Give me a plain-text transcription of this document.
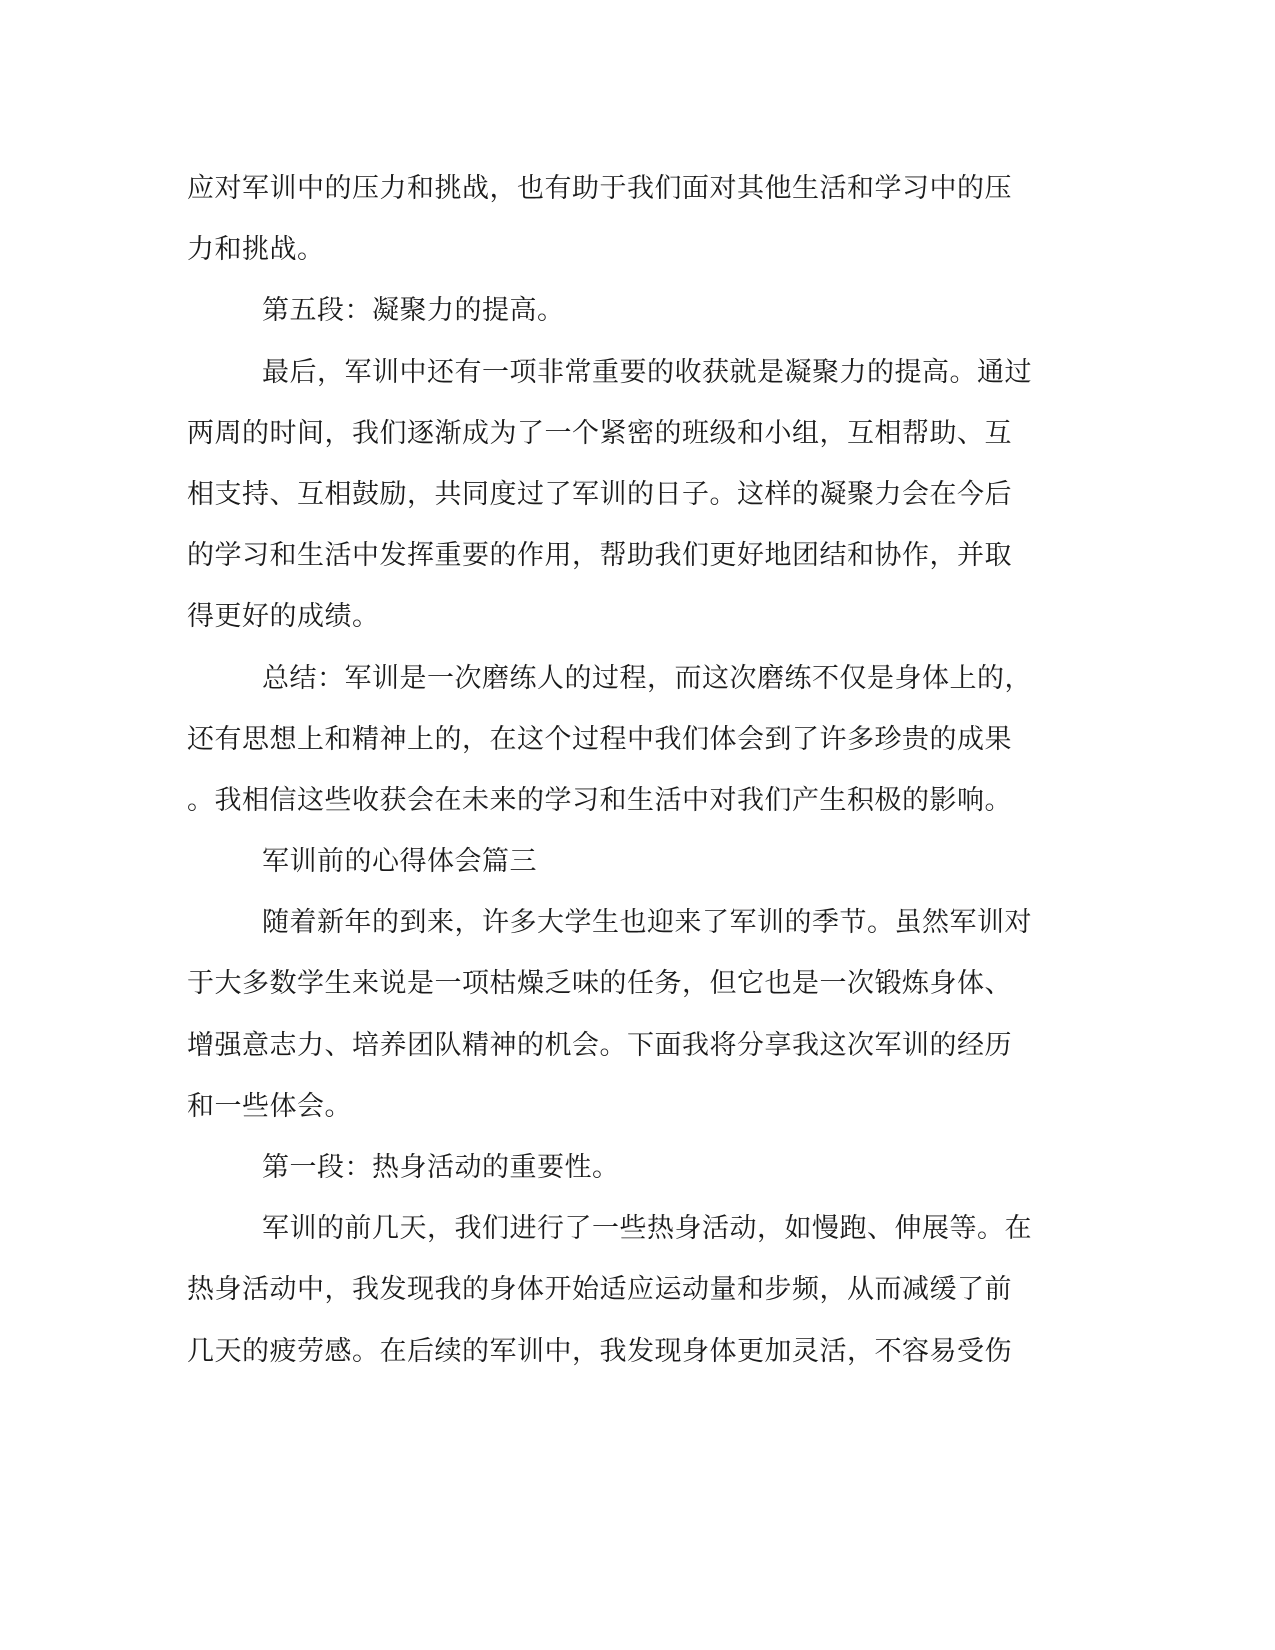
应对军训中的压力和挑战，也有助于我们面对其他生活和学习中的压
力和挑战。
第五段：凝聚力的提高。
最后，军训中还有一项非常重要的收获就是凝聚力的提高。通过
两周的时间，我们逐渐成为了一个紧密的班级和小组，互相帮助、互
相支持、互相鼓励，共同度过了军训的日子。这样的凝聚力会在今后
的学习和生活中发挥重要的作用，帮助我们更好地团结和协作，并取
得更好的成绩。
总结：军训是一次磨练人的过程，而这次磨练不仅是身体上的，
还有思想上和精神上的，在这个过程中我们体会到了许多珍贵的成果
。我相信这些收获会在未来的学习和生活中对我们产生积极的影响。
军训前的心得体会篇三
随着新年的到来，许多大学生也迎来了军训的季节。虽然军训对
于大多数学生来说是一项枯燥乏味的任务，但它也是一次锻炼身体、
增强意志力、培养团队精神的机会。下面我将分享我这次军训的经历
和一些体会。
第一段：热身活动的重要性。
军训的前几天，我们进行了一些热身活动，如慢跑、伸展等。在
热身活动中，我发现我的身体开始适应运动量和步频，从而减缓了前
几天的疲劳感。在后续的军训中，我发现身体更加灵活，不容易受伤
